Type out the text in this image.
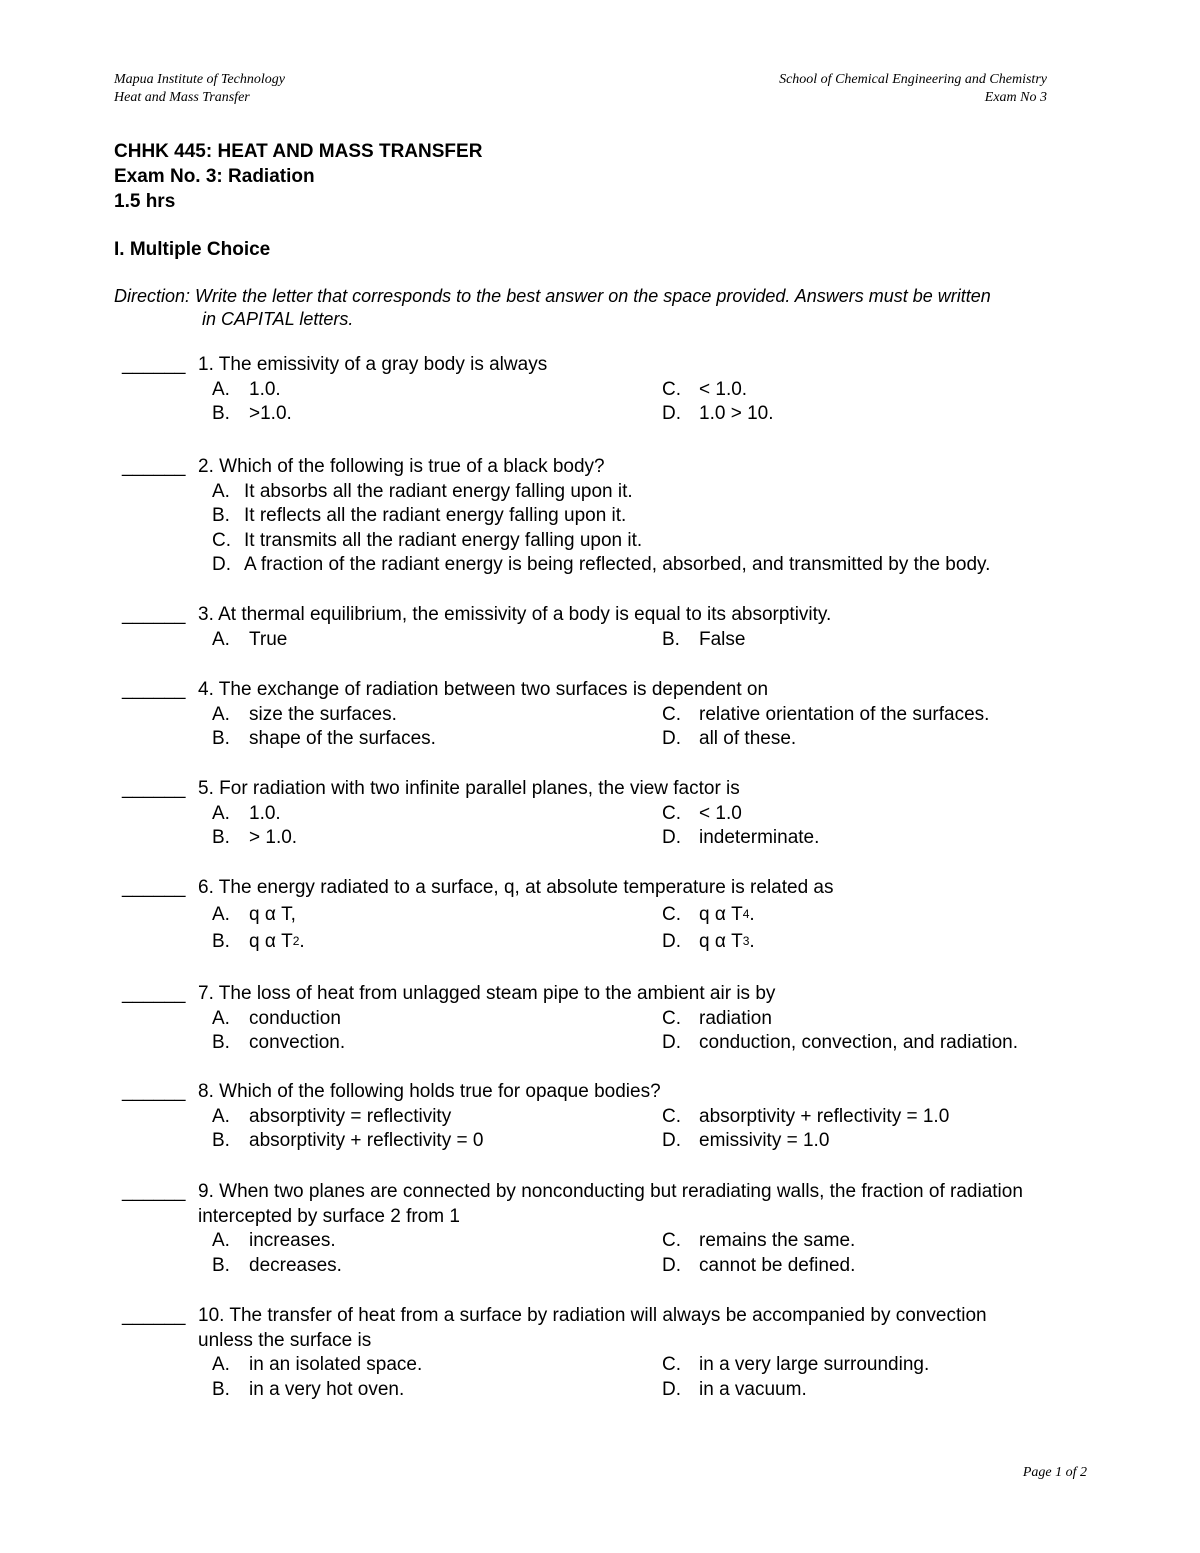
Mapua Institute of Technology
Heat and Mass Transfer
School of Chemical Engineering and Chemistry
Exam No 3
CHHK 445: HEAT AND MASS TRANSFER
Exam No. 3: Radiation
1.5 hrs
I. Multiple Choice
Direction: Write the letter that corresponds to the best answer on the space provided. Answers must be written
in CAPITAL letters.
______ 1. The emissivity of a gray body is always
A.	1.0.	C. < 1.0.
B.	>1.0.	D. 1.0 > 10.
______ 2. Which of the following is true of a black body?
A. It absorbs all the radiant energy falling upon it.
B. It reflects all the radiant energy falling upon it.
C. It transmits all the radiant energy falling upon it.
D. A fraction of the radiant energy is being reflected, absorbed, and transmitted by the body.
______ 3. At thermal equilibrium, the emissivity of a body is equal to its absorptivity.
A.	True	B.	False
______ 4. The exchange of radiation between two surfaces is dependent on
A.	size the surfaces.	C. relative orientation of the surfaces.
B.	shape of the surfaces.	D. all of these.
______ 5. For radiation with two infinite parallel planes, the view factor is
A.	1.0.	C. < 1.0
B.	> 1.0.	D. indeterminate.
______ 6. The energy radiated to a surface, q, at absolute temperature is related as
A.	q α T,	C. q α T 4 .
B.	q α T 2 .	D. q α T 3 .
______ 7. The loss of heat from unlagged steam pipe to the ambient air is by
A.	conduction	C. radiation
B.	convection.	D. conduction, convection, and radiation.
______ 8. Which of the following holds true for opaque bodies?
A.	absorptivity = reflectivity	C. absorptivity + reflectivity = 1.0
B.	absorptivity + reflectivity = 0	D. emissivity = 1.0
______ 9. When two planes are connected by nonconducting but reradiating walls, the fraction of radiation intercepted by surface 2 from 1
A.	increases.	C. remains the same.
B.	decreases.	D. cannot be defined.
______ 10. The transfer of heat from a surface by radiation will always be accompanied by convection unless the surface is
A.	in an isolated space.	C. in a very large surrounding.
B.	in a very hot oven.	D. in a vacuum.
Page 1 of 2
